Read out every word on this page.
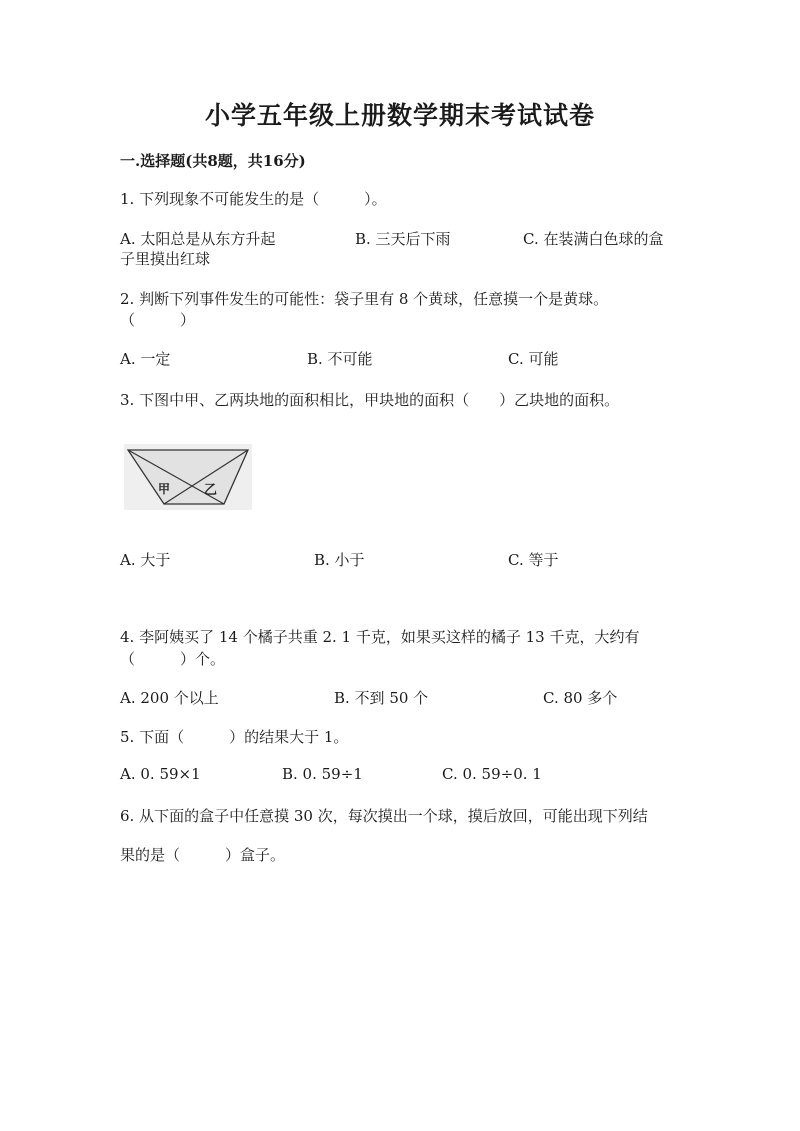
小学五年级上册数学期末考试试卷
一.选择题(共8题，共16分)
1. 下列现象不可能发生的是（　　　）。
A. 太阳总是从东方升起	B. 三天后下雨	C. 在装满白色球的盒
子里摸出红球
2. 判断下列事件发生的可能性：袋子里有 8 个黄球，任意摸一个是黄球。
（　　　）
A. 一定	B. 不可能	C. 可能
3. 下图中甲、乙两块地的面积相比，甲块地的面积（　　）乙块地的面积。
甲	乙
A. 大于	B. 小于	C. 等于
4. 李阿姨买了 14 个橘子共重 2. 1 千克，如果买这样的橘子 13 千克，大约有
（　　　）个。
A. 200 个以上	B. 不到 50 个	C. 80 多个
5. 下面（　　　）的结果大于 1。
A. 0. 59×1	B. 0. 59÷1	C. 0. 59÷0. 1
6. 从下面的盒子中任意摸 30 次，每次摸出一个球，摸后放回，可能出现下列结
果的是（　　　）盒子。
